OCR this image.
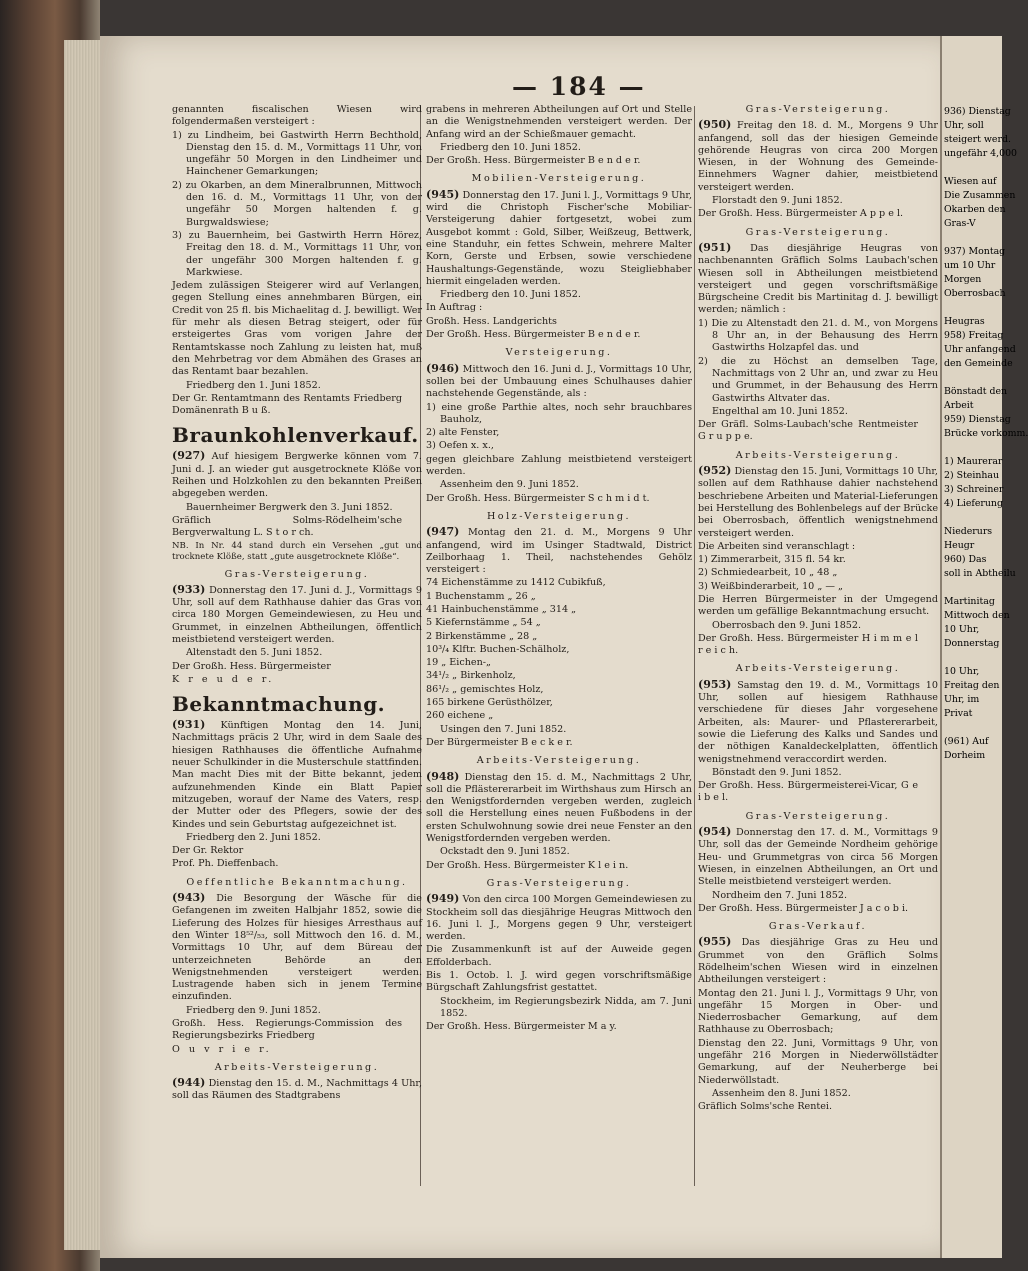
— 184 —

genannten fiscalischen Wiesen wird folgendermaßen versteigert :

1) zu Lindheim, bei Gastwirth Herrn Bechthold, Dienstag den 15. d. M., Vormittags 11 Uhr, von ungefähr 50 Morgen in den Lindheimer und Hainchener Gemarkungen;

2) zu Okarben, an dem Mineralbrunnen, Mittwoch den 16. d. M., Vormittags 11 Uhr, von der ungefähr 50 Morgen haltenden f. g. Burgwaldswiese;

3) zu Bauernheim, bei Gastwirth Herrn Hörez, Freitag den 18. d. M., Vormittags 11 Uhr, von der ungefähr 300 Morgen haltenden f. g. Markwiese.

Jedem zulässigen Steigerer wird auf Verlangen, gegen Stellung eines annehmbaren Bürgen, ein Credit von 25 fl. bis Michaelitag d. J. bewilligt. Wer für mehr als diesen Betrag steigert, oder für ersteigertes Gras vom vorigen Jahre der Rentamtskasse noch Zahlung zu leisten hat, muß den Mehrbetrag vor dem Abmähen des Grases an das Rentamt baar bezahlen.

Friedberg den 1. Juni 1852.

Der Gr. Rentamtmann des Rentamts Friedberg Domänenrath B u ß.

Braunkohlenverkauf.

(927) Auf hiesigem Bergwerke können vom 7. Juni d. J. an wieder gut ausgetrocknete Klöße von Reihen und Holzkohlen zu den bekannten Preißen abgegeben werden.

Bauernheimer Bergwerk den 3. Juni 1852.

Gräflich Solms-Rödelheim'sche Bergverwaltung L. S t o r ch.

NB. In Nr. 44 stand durch ein Versehen „gut und trocknete Klöße, statt „gute ausgetrocknete Klöße“.

Gras-Versteigerung.

(933) Donnerstag den 17. Juni d. J., Vormittags 9 Uhr, soll auf dem Rathhause dahier das Gras von circa 180 Morgen Gemeindewiesen, zu Heu und Grummet, in einzelnen Abtheilungen, öffentlich meistbietend versteigert werden.

Altenstadt den 5. Juni 1852.

Der Großh. Hess. Bürgermeister

K r e u d e r.

Bekanntmachung.

(931) Künftigen Montag den 14. Juni, Nachmittags präcis 2 Uhr, wird in dem Saale des hiesigen Rathhauses die öffentliche Aufnahme neuer Schulkinder in die Musterschule stattfinden. Man macht Dies mit der Bitte bekannt, jedem aufzunehmenden Kinde ein Blatt Papier mitzugeben, worauf der Name des Vaters, resp. der Mutter oder des Pflegers, sowie der des Kindes und sein Geburtstag aufgezeichnet ist.

Friedberg den 2. Juni 1852.

Der Gr. Rektor

Prof. Ph. Dieffenbach.

Oeffentliche Bekanntmachung.

(943) Die Besorgung der Wäsche für die Gefangenen im zweiten Halbjahr 1852, sowie die Lieferung des Holzes für hiesiges Arresthaus auf den Winter 18⁵²/₅₃, soll Mittwoch den 16. d. M., Vormittags 10 Uhr, auf dem Büreau der unterzeichneten Behörde an den Wenigstnehmenden versteigert werden. Lustragende haben sich in jenem Termine einzufinden.

Friedberg den 9. Juni 1852.

Großh. Hess. Regierungs-Commission des Regierungsbezirks Friedberg

O u v r i e r.

Arbeits-Versteigerung.

(944) Dienstag den 15. d. M., Nachmittags 4 Uhr, soll das Räumen des Stadtgrabens

grabens in mehreren Abtheilungen auf Ort und Stelle an die Wenigstnehmenden versteigert werden. Der Anfang wird an der Schießmauer gemacht.

Friedberg den 10. Juni 1852.

Der Großh. Hess. Bürgermeister B e n d e r.

Mobilien-Versteigerung.

(945) Donnerstag den 17. Juni l. J., Vormittags 9 Uhr, wird die Christoph Fischer'sche Mobiliar-Versteigerung dahier fortgesetzt, wobei zum Ausgebot kommt : Gold, Silber, Weißzeug, Bettwerk, eine Standuhr, ein fettes Schwein, mehrere Malter Korn, Gerste und Erbsen, sowie verschiedene Haushaltungs-Gegenstände, wozu Steigliebhaber hiermit eingeladen werden.

Friedberg den 10. Juni 1852.

In Auftrag :

Großh. Hess. Landgerichts

Der Großh. Hess. Bürgermeister B e n d e r.

Versteigerung.

(946) Mittwoch den 16. Juni d. J., Vormittags 10 Uhr, sollen bei der Umbauung eines Schulhauses dahier nachstehende Gegenstände, als :

1) eine große Parthie altes, noch sehr brauchbares Bauholz,

2) alte Fenster,

3) Oefen x. x.,

gegen gleichbare Zahlung meistbietend versteigert werden.

Assenheim den 9. Juni 1852.

Der Großh. Hess. Bürgermeister S c h m i d t.

Holz-Versteigerung.

(947) Montag den 21. d. M., Morgens 9 Uhr anfangend, wird im Usinger Stadtwald, District Zeilborhaag 1. Theil, nachstehendes Gehölz versteigert :

74 Eichenstämme zu 1412 Cubikfuß,

1 Buchenstamm „ 26 „

41 Hainbuchenstämme „ 314 „

5 Kiefernstämme „ 54 „

2 Birkenstämme „ 28 „

10³/₄ Klftr. Buchen-Schälholz,

19 „ Eichen-„

34¹/₂ „ Birkenholz,

86¹/₂ „ gemischtes Holz,

165 birkene Gerüsthölzer,

260 eichene „

Usingen den 7. Juni 1852.

Der Bürgermeister B e c k e r.

Arbeits-Versteigerung.

(948) Dienstag den 15. d. M., Nachmittags 2 Uhr, soll die Pflästererarbeit im Wirthshaus zum Hirsch an den Wenigstfordernden vergeben werden, zugleich soll die Herstellung eines neuen Fußbodens in der ersten Schulwohnung sowie drei neue Fenster an den Wenigstfordernden vergeben werden.

Ockstadt den 9. Juni 1852.

Der Großh. Hess. Bürgermeister K l e i n.

Gras-Versteigerung.

(949) Von den circa 100 Morgen Gemeindewiesen zu Stockheim soll das diesjährige Heugras Mittwoch den 16. Juni l. J., Morgens gegen 9 Uhr, versteigert werden.

Die Zusammenkunft ist auf der Auweide gegen Effolderbach.

Bis 1. Octob. l. J. wird gegen vorschriftsmäßige Bürgschaft Zahlungsfrist gestattet.

Stockheim, im Regierungsbezirk Nidda, am 7. Juni 1852.

Der Großh. Hess. Bürgermeister M a y.

Gras-Versteigerung.

(950) Freitag den 18. d. M., Morgens 9 Uhr anfangend, soll das der hiesigen Gemeinde gehörende Heugras von circa 200 Morgen Wiesen, in der Wohnung des Gemeinde-Einnehmers Wagner dahier, meistbietend versteigert werden.

Florstadt den 9. Juni 1852.

Der Großh. Hess. Bürgermeister A p p e l.

Gras-Versteigerung.

(951) Das diesjährige Heugras von nachbenannten Gräflich Solms Laubach'schen Wiesen soll in Abtheilungen meistbietend versteigert und gegen vorschriftsmäßige Bürgscheine Credit bis Martinitag d. J. bewilligt werden; nämlich :

1) Die zu Altenstadt den 21. d. M., von Morgens 8 Uhr an, in der Behausung des Herrn Gastwirths Holzapfel das. und

2) die zu Höchst an demselben Tage, Nachmittags von 2 Uhr an, und zwar zu Heu und Grummet, in der Behausung des Herrn Gastwirths Altvater das.

Engelthal am 10. Juni 1852.

Der Gräfl. Solms-Laubach'sche Rentmeister G r u p p e.

Arbeits-Versteigerung.

(952) Dienstag den 15. Juni, Vormittags 10 Uhr, sollen auf dem Rathhause dahier nachstehend beschriebene Arbeiten und Material-Lieferungen bei Herstellung des Bohlenbelegs auf der Brücke bei Oberrosbach, öffentlich wenigstnehmend versteigert werden.

Die Arbeiten sind veranschlagt :

1) Zimmerarbeit, 315 fl. 54 kr.

2) Schmiedearbeit, 10 „ 48 „

3) Weißbinderarbeit, 10 „ — „

Die Herren Bürgermeister in der Umgegend werden um gefällige Bekanntmachung ersucht.

Oberrosbach den 9. Juni 1852.

Der Großh. Hess. Bürgermeister H i m m e l r e i c h.

Arbeits-Versteigerung.

(953) Samstag den 19. d. M., Vormittags 10 Uhr, sollen auf hiesigem Rathhause verschiedene für dieses Jahr vorgesehene Arbeiten, als: Maurer- und Pflastererarbeit, sowie die Lieferung des Kalks und Sandes und der nöthigen Kanaldeckelplatten, öffentlich wenigstnehmend veraccordirt werden.

Bönstadt den 9. Juni 1852.

Der Großh. Hess. Bürgermeisterei-Vicar, G e i b e l.

Gras-Versteigerung.

(954) Donnerstag den 17. d. M., Vormittags 9 Uhr, soll das der Gemeinde Nordheim gehörige Heu- und Grummetgras von circa 56 Morgen Wiesen, in einzelnen Abtheilungen, an Ort und Stelle meistbietend versteigert werden.

Nordheim den 7. Juni 1852.

Der Großh. Hess. Bürgermeister J a c o b i.

Gras-Verkauf.

(955) Das diesjährige Gras zu Heu und Grummet von den Gräflich Solms Rödelheim'schen Wiesen wird in einzelnen Abtheilungen versteigert :

Montag den 21. Juni l. J., Vormittags 9 Uhr, von ungefähr 15 Morgen in Ober- und Niederrosbacher Gemarkung, auf dem Rathhause zu Oberrosbach;

Dienstag den 22. Juni, Vormittags 9 Uhr, von ungefähr 216 Morgen in Niederwöllstädter Gemarkung, auf der Neuherberge bei Niederwöllstadt.

Assenheim den 8. Juni 1852.

Gräflich Solms'sche Rentei.

936) Dienstag
Uhr, soll
steigert werd.
ungefähr 4,000
Wiesen auf
Die Zusammen
Okarben den
Gras-V
937) Montag
um 10 Uhr
Morgen
Oberrosbach
Heugras
958) Freitag
Uhr anfangend
den Gemeinde
Bönstadt den
Arbeit
959) Dienstag
Brücke vorkomm.
1) Maurerar
2) Steinhau
3) Schreiner
4) Lieferung
Niederurs
Heugr
960) Das
soll in Abtheilu
Martinitag
Mittwoch den
10 Uhr,
Donnerstag
10 Uhr,
Freitag den
Uhr, im
Privat
(961) Auf
Dorheim
